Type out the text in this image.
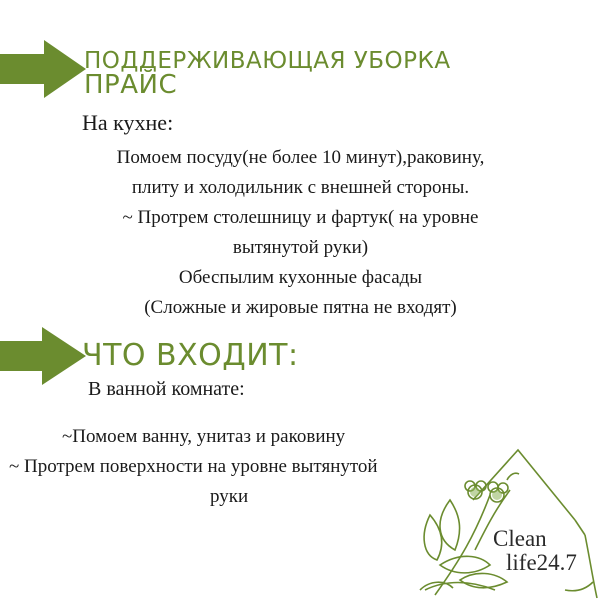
ПОДДЕРЖИВАЮЩАЯ УБОРКА
ПРАЙС
На кухне:
Помоем посуду(не более 10 минут),раковину,
плиту и холодильник с внешней стороны.
~ Протрем столешницу и фартук( на уровне
вытянутой руки)
Обеспылим кухонные фасады
(Сложные и жировые пятна не входят)
ЧТО ВХОДИТ:
В ванной комнате:
~Помоем ванну, унитаз и раковину
~ Протрем поверхности на уровне вытянутой
руки
Clean
life24.7
